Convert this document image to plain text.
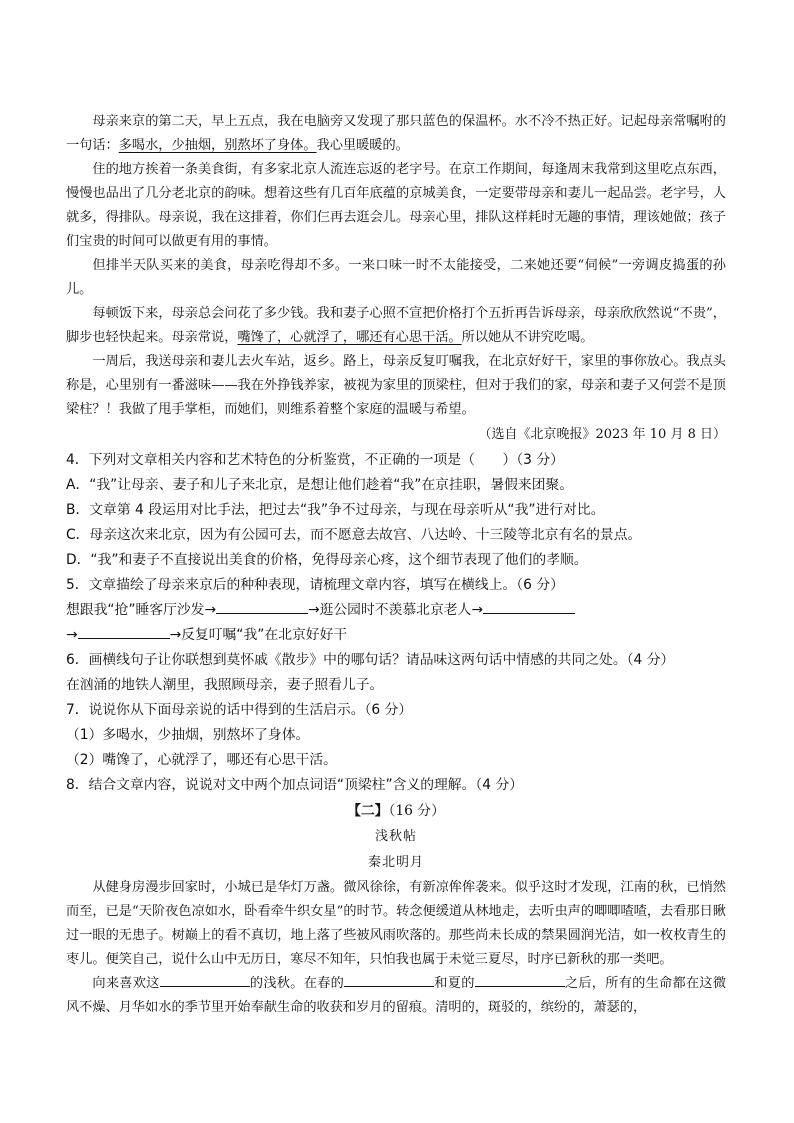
母亲来京的第二天，早上五点，我在电脑旁又发现了那只蓝色的保温杯。水不冷不热正好。记起母亲常嘱咐的一句话：多喝水，少抽烟，别熬坏了身体。我心里暖暖的。

住的地方挨着一条美食街，有多家北京人流连忘返的老字号。在京工作期间，每逢周末我常到这里吃点东西，慢慢也品出了几分老北京的韵味。想着这些有几百年底蕴的京城美食，一定要带母亲和妻儿一起品尝。老字号，人就多，得排队。母亲说，我在这排着，你们仨再去逛会儿。母亲心里，排队这样耗时无趣的事情，理该她做；孩子们宝贵的时间可以做更有用的事情。

但排半天队买来的美食，母亲吃得却不多。一来口味一时不太能接受，二来她还要“伺候”一旁调皮捣蛋的孙儿。

每顿饭下来，母亲总会问花了多少钱。我和妻子心照不宣把价格打个五折再告诉母亲，母亲欣欣然说“不贵”，脚步也轻快起来。母亲常说，嘴馋了，心就浮了，哪还有心思干活。所以她从不讲究吃喝。

一周后，我送母亲和妻儿去火车站，返乡。路上，母亲反复叮嘱我，在北京好好干，家里的事你放心。我点头称是，心里别有一番滋味——我在外挣钱养家，被视为家里的顶梁柱，但对于我们的家，母亲和妻子又何尝不是顶梁柱？！我做了甩手掌柜，而她们，则维系着整个家庭的温暖与希望。

（选自《北京晚报》2023 年 10 月 8 日）

4．下列对文章相关内容和艺术特色的分析鉴赏，不正确的一项是（　　）（3 分）

A．“我”让母亲、妻子和儿子来北京，是想让他们趁着“我”在京挂职，暑假来团聚。

B．文章第 4 段运用对比手法，把过去“我”争不过母亲，与现在母亲听从“我”进行对比。

C．母亲这次来北京，因为有公园可去，而不愿意去故宫、八达岭、十三陵等北京有名的景点。

D．“我”和妻子不直接说出美食的价格，免得母亲心疼，这个细节表现了他们的孝顺。

5．文章描绘了母亲来京后的种种表现，请梳理文章内容，填写在横线上。（6 分）

想跟我“抢”睡客厅沙发→	→逛公园时不羡慕北京老人→

→	→反复叮嘱“我”在北京好好干

6．画横线句子让你联想到莫怀戚《散步》中的哪句话？请品味这两句话中情感的共同之处。（4 分）

在汹涌的地铁人潮里，我照顾母亲，妻子照看儿子。

7．说说你从下面母亲说的话中得到的生活启示。（6 分）

（1）多喝水，少抽烟，别熬坏了身体。

（2）嘴馋了，心就浮了，哪还有心思干活。

8．结合文章内容，说说对文中两个加点词语“顶梁柱”含义的理解。（4 分）

【二】（16 分）

浅秋帖

秦北明月

从健身房漫步回家时，小城已是华灯万盏。微风徐徐，有新凉侔侔袭来。似乎这时才发现，江南的秋，已悄然而至，已是“天阶夜色凉如水，卧看牵牛织女星”的时节。转念便缓道从林地走，去听虫声的唧唧喳喳，去看那日瞅过一眼的无患子。树巅上的看不真切，地上落了些被风雨吹落的。那些尚未长成的禁果圆润光洁，如一枚枚青生的枣儿。便笑自己，说什么山中无历日，寒尽不知年，只怕我也属于未觉三夏尽，时序已新秋的那一类吧。

向来喜欢这	的浅秋。在春的	和夏的	之后，所有的生命都在这微风不燥、月华如水的季节里开始奉献生命的收获和岁月的留痕。清明的，斑驳的，缤纷的，萧瑟的，
